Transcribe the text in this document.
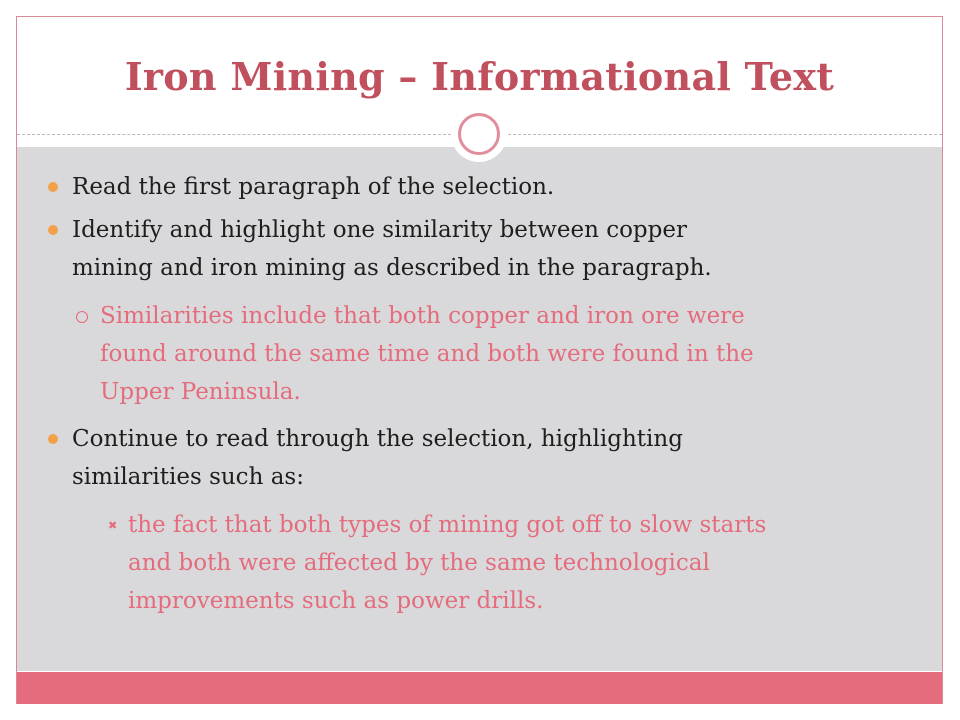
Iron Mining – Informational Text
Read the first paragraph of the selection.
Identify and highlight one similarity between copper
mining and iron mining as described in the paragraph.
Similarities include that both copper and iron ore were
found around the same time and both were found in the
Upper Peninsula.
Continue to read through the selection, highlighting
similarities such as:
✖ the fact that both types of mining got off to slow starts
and both were affected by the same technological
improvements such as power drills.
